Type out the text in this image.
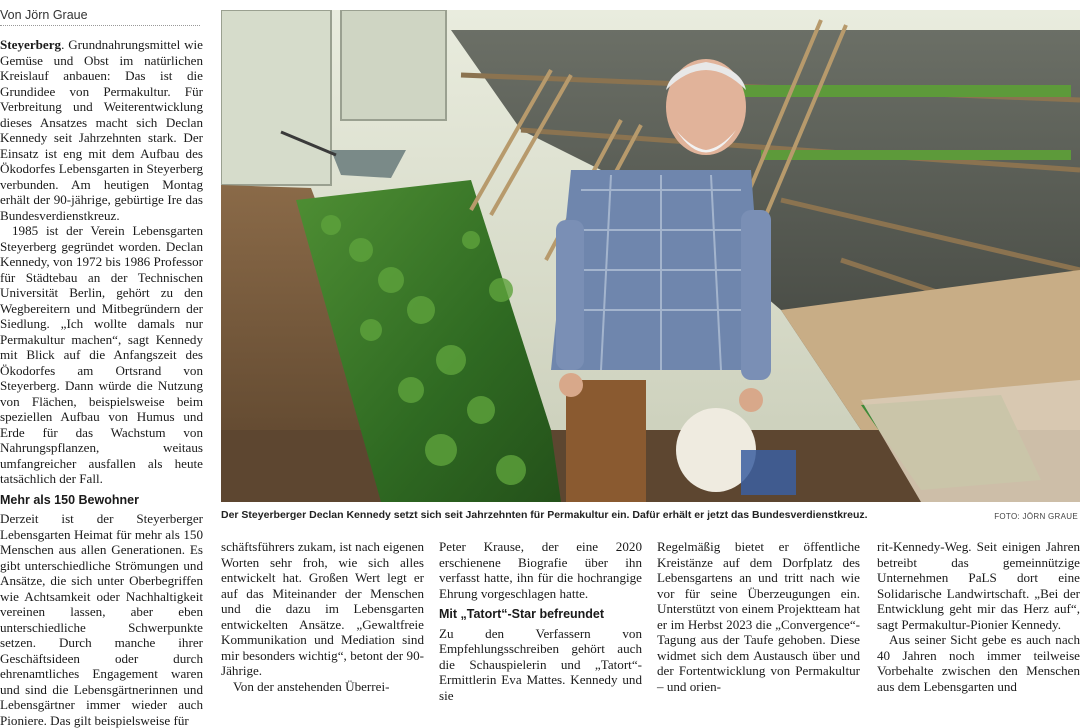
Von Jörn Graue

Steyerberg. Grundnahrungsmittel wie Gemüse und Obst im natürlichen Kreislauf anbauen: Das ist die Grundidee von Permakultur. Für Verbreitung und Weiterentwicklung dieses Ansatzes macht sich Declan Kennedy seit Jahrzehnten stark. Der Einsatz ist eng mit dem Aufbau des Ökodorfes Lebensgarten in Steyerberg verbunden. Am heutigen Montag erhält der 90-jährige, gebürtige Ire das Bundesverdienstkreuz.

1985 ist der Verein Lebensgarten Steyerberg gegründet worden. Declan Kennedy, von 1972 bis 1986 Professor für Städtebau an der Technischen Universität Berlin, gehört zu den Wegbereitern und Mitbegründern der Siedlung. „Ich wollte damals nur Permakultur machen“, sagt Kennedy mit Blick auf die Anfangszeit des Ökodorfes am Ortsrand von Steyerberg. Dann würde die Nutzung von Flächen, beispielsweise beim speziellen Aufbau von Humus und Erde für das Wachstum von Nahrungspflanzen, weitaus umfangreicher ausfallen als heute tatsächlich der Fall.

Mehr als 150 Bewohner

Derzeit ist der Steyerberger Lebensgarten Heimat für mehr als 150 Menschen aus allen Generationen. Es gibt unterschiedliche Strömungen und Ansätze, die sich unter Oberbegriffen wie Achtsamkeit oder Nachhaltigkeit vereinen lassen, aber eben unterschiedliche Schwerpunkte setzen. Durch manche ihrer Geschäftsideen oder durch ehrenamtliches Engagement waren und sind die Lebensgärtnerinnen und Lebensgärtner immer wieder auch Pioniere. Das gilt beispielsweise für

Der Steyerberger Declan Kennedy setzt sich seit Jahrzehnten für Permakultur ein. Dafür erhält er jetzt das Bundesverdienstkreuz.	FOTO: JÖRN GRAUE

schäftsführers zukam, ist nach eigenen Worten sehr froh, wie sich alles entwickelt hat. Großen Wert legt er auf das Miteinander der Menschen und die dazu im Lebensgarten entwickelten Ansätze. „Gewaltfreie Kommunikation und Mediation sind mir besonders wichtig“, betont der 90-Jährige.

Von der anstehenden Überrei-

Peter Krause, der eine 2020 erschienene Biografie über ihn verfasst hatte, ihn für die hochrangige Ehrung vorgeschlagen hatte.

Mit „Tatort“-Star befreundet

Zu den Verfassern von Empfehlungsschreiben gehört auch die Schauspielerin und „Tatort“-Ermittlerin Eva Mattes. Kennedy und sie

Regelmäßig bietet er öffentliche Kreistänze auf dem Dorfplatz des Lebensgartens an und tritt nach wie vor für seine Überzeugungen ein. Unterstützt von einem Projektteam hat er im Herbst 2023 die „Convergence“-Tagung aus der Taufe gehoben. Diese widmet sich dem Austausch über und der Fortentwicklung von Permakultur – und orien-

rit-Kennedy-Weg. Seit einigen Jahren betreibt das gemeinnützige Unternehmen PaLS dort eine Solidarische Landwirtschaft. „Bei der Entwicklung geht mir das Herz auf“, sagt Permakultur-Pionier Kennedy.

Aus seiner Sicht gebe es auch nach 40 Jahren noch immer teilweise Vorbehalte zwischen den Menschen aus dem Lebensgarten und
